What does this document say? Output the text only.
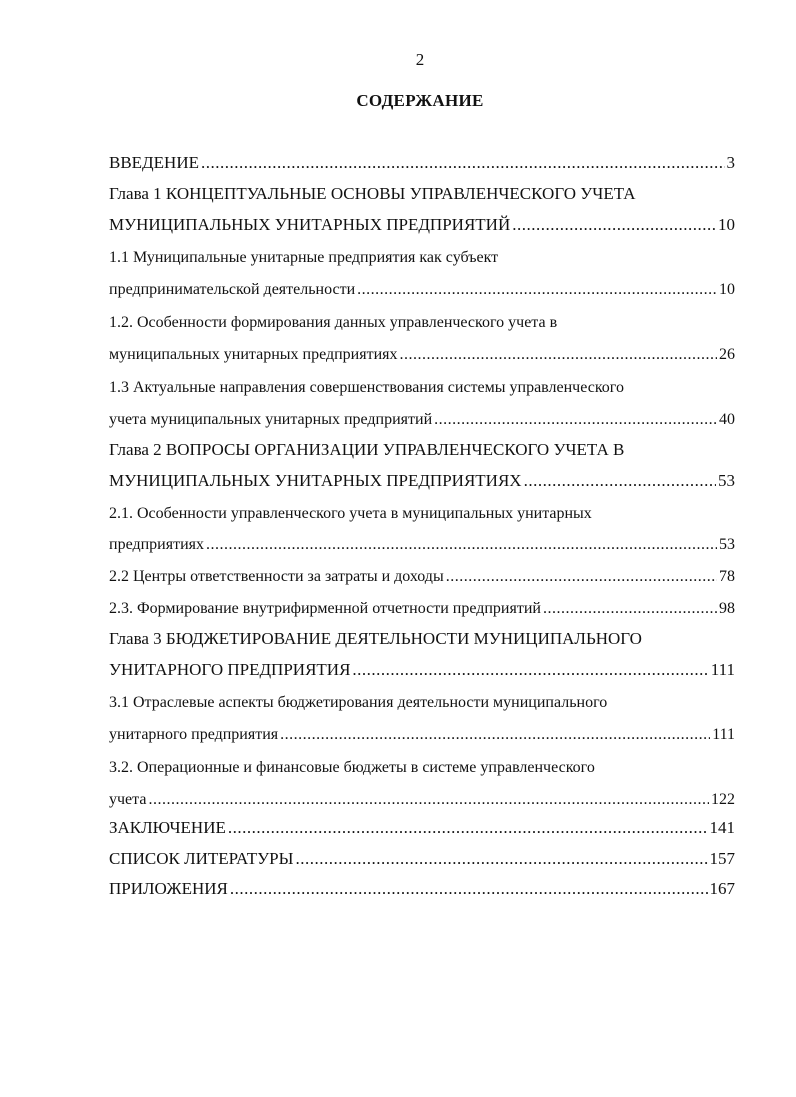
2
СОДЕРЖАНИЕ
ВВЕДЕНИЕ .....	3
Глава 1 КОНЦЕПТУАЛЬНЫЕ ОСНОВЫ УПРАВЛЕНЧЕСКОГО УЧЕТА
МУНИЦИПАЛЬНЫХ УНИТАРНЫХ ПРЕДПРИЯТИЙ .....	10
1.1 Муниципальные унитарные предприятия как субъект
предпринимательской деятельности .....	10
1.2. Особенности формирования данных управленческого учета в
муниципальных унитарных предприятиях .....	26
1.3 Актуальные направления совершенствования системы управленческого
учета муниципальных унитарных предприятий .....	40
Глава 2 ВОПРОСЫ ОРГАНИЗАЦИИ УПРАВЛЕНЧЕСКОГО УЧЕТА В
МУНИЦИПАЛЬНЫХ УНИТАРНЫХ ПРЕДПРИЯТИЯХ .....	53
2.1. Особенности управленческого учета в муниципальных унитарных
предприятиях .....	53
2.2 Центры ответственности за затраты и доходы .....	78
2.3. Формирование внутрифирменной отчетности предприятий .....	98
Глава 3 БЮДЖЕТИРОВАНИЕ ДЕЯТЕЛЬНОСТИ МУНИЦИПАЛЬНОГО
УНИТАРНОГО ПРЕДПРИЯТИЯ .....	111
3.1 Отраслевые аспекты бюджетирования деятельности муниципального
унитарного предприятия .....	111
3.2. Операционные и финансовые бюджеты в системе управленческого
учета .....	122
ЗАКЛЮЧЕНИЕ .....	141
СПИСОК ЛИТЕРАТУРЫ .....	157
ПРИЛОЖЕНИЯ .....	167
